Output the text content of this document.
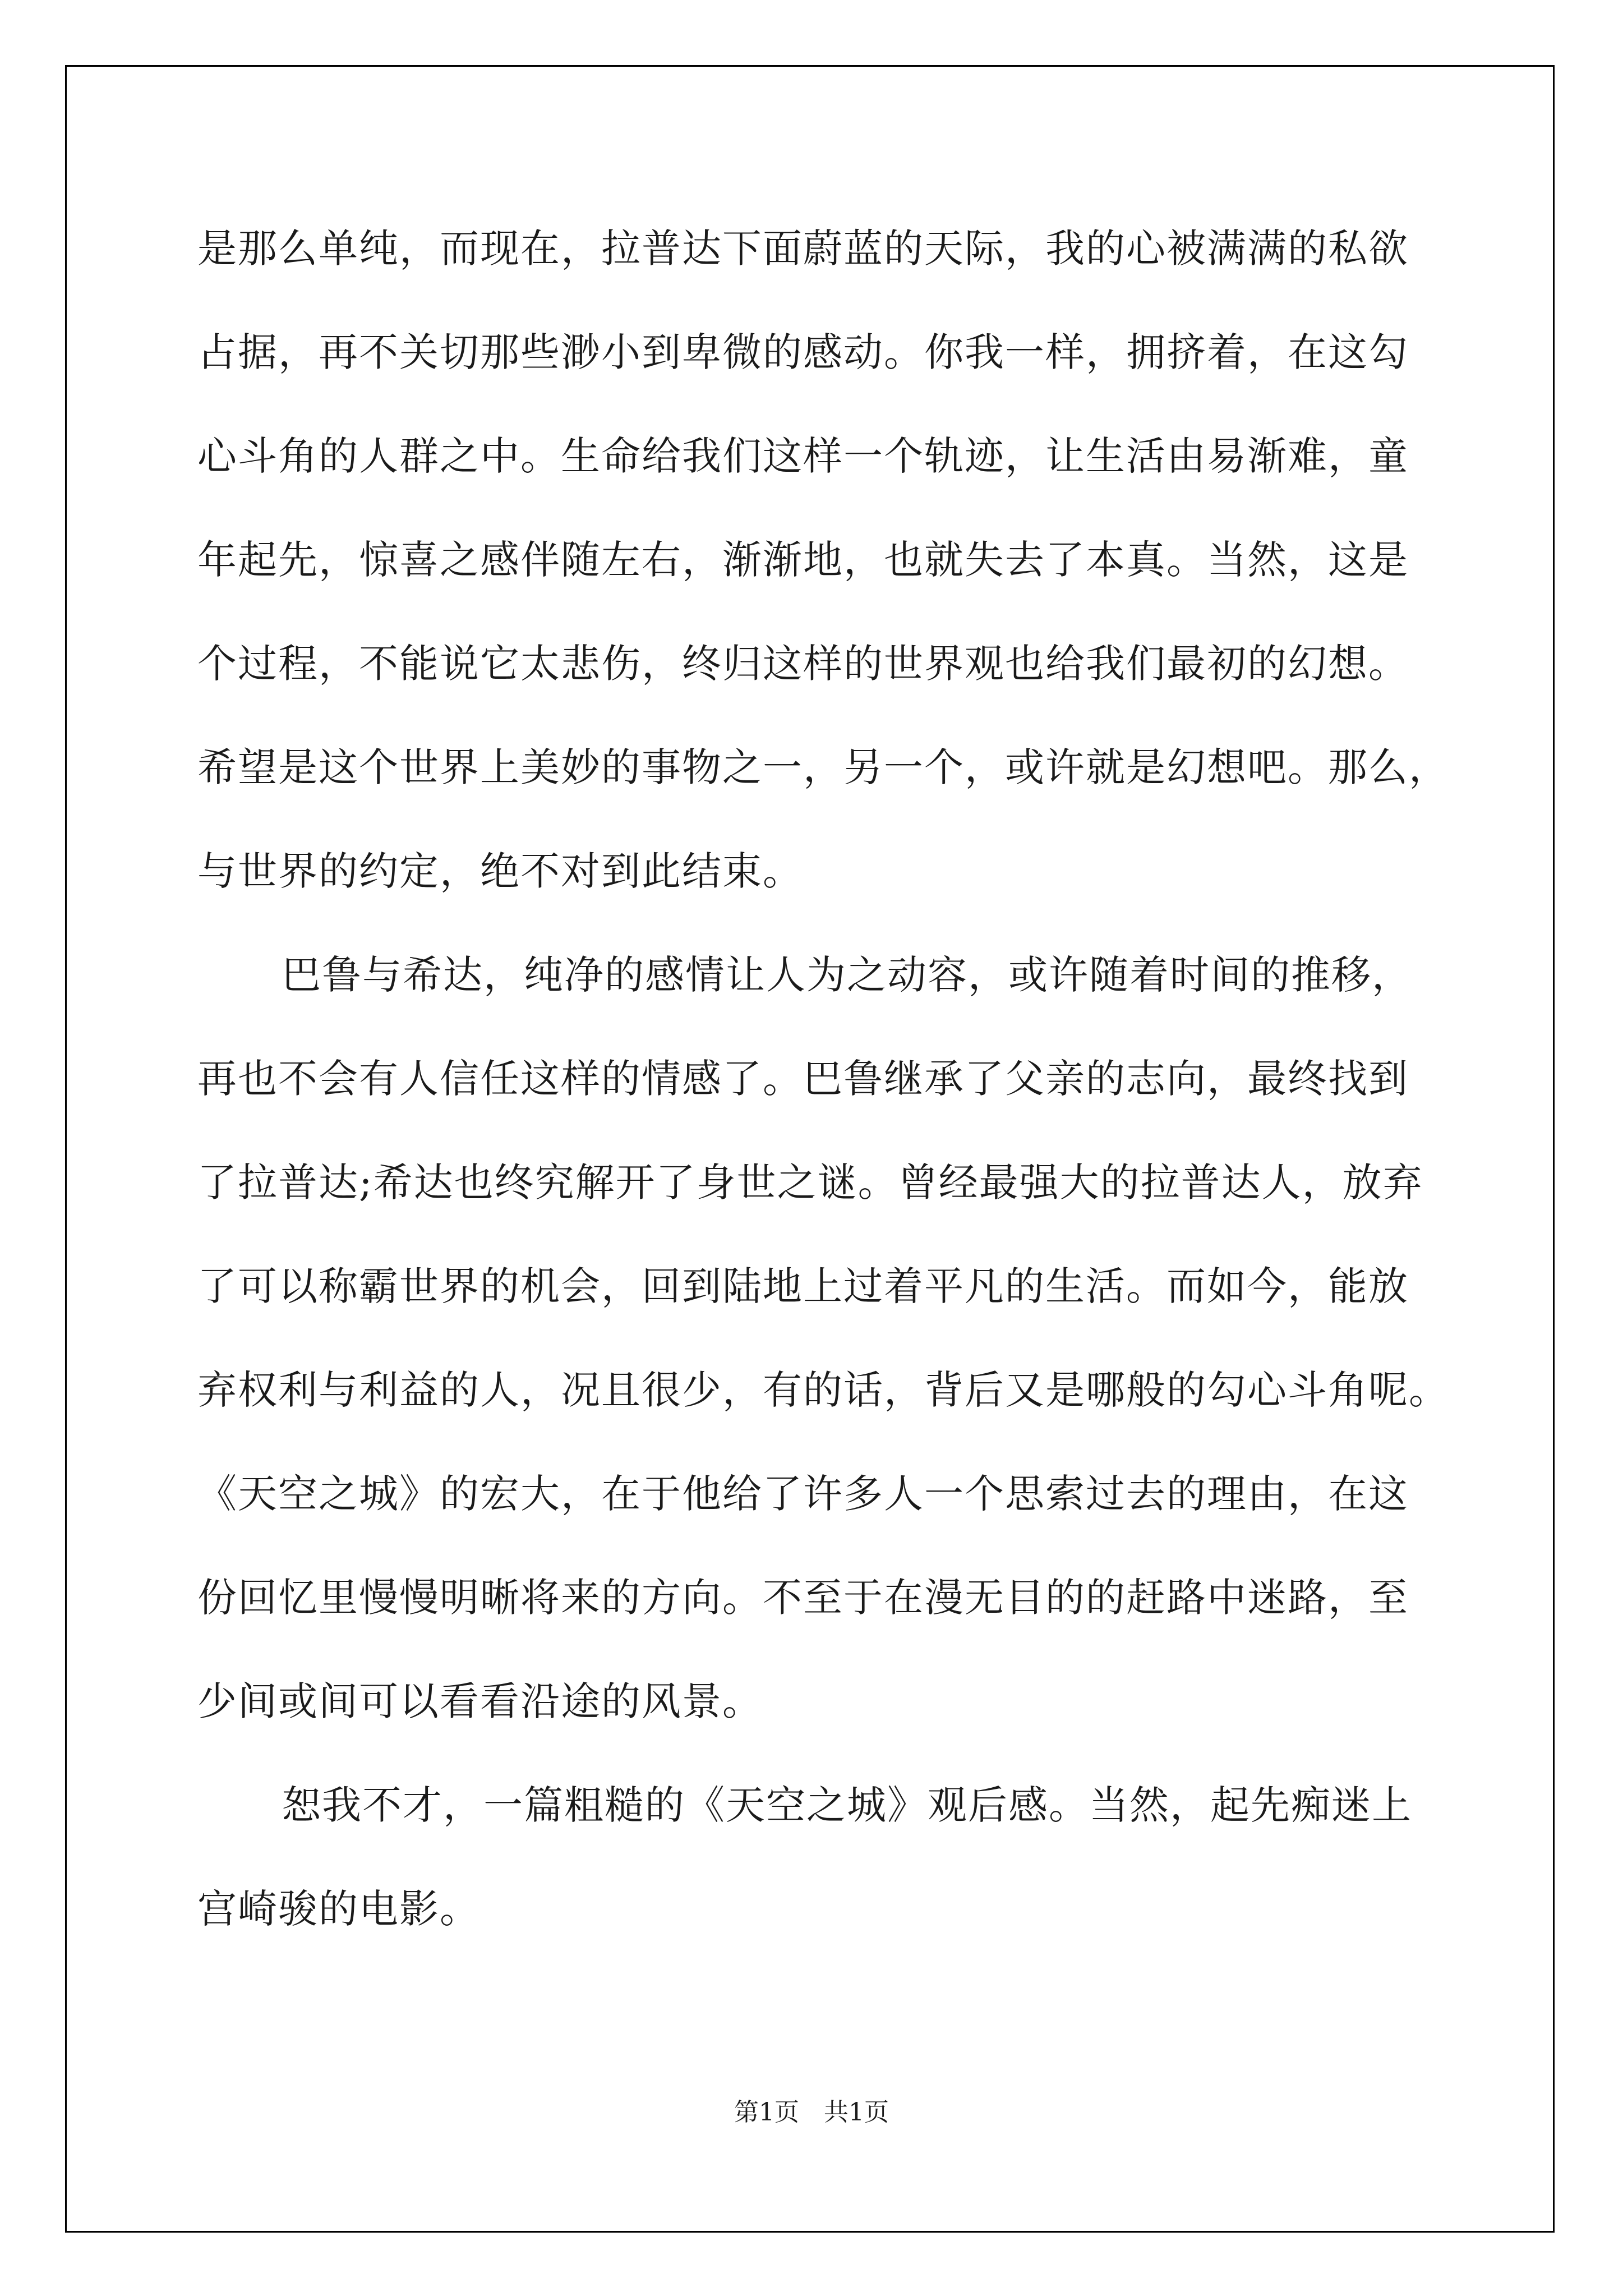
是那么单纯，而现在，拉普达下面蔚蓝的天际，我的心被满满的私欲
占据，再不关切那些渺小到卑微的感动。你我一样，拥挤着，在这勾
心斗角的人群之中。生命给我们这样一个轨迹，让生活由易渐难，童
年起先，惊喜之感伴随左右，渐渐地，也就失去了本真。当然，这是
个过程，不能说它太悲伤，终归这样的世界观也给我们最初的幻想。
希望是这个世界上美妙的事物之一，另一个，或许就是幻想吧。那么，
与世界的约定，绝不对到此结束。
巴鲁与希达，纯净的感情让人为之动容，或许随着时间的推移，
再也不会有人信任这样的情感了。巴鲁继承了父亲的志向，最终找到
了拉普达;希达也终究解开了身世之谜。曾经最强大的拉普达人，放弃
了可以称霸世界的机会，回到陆地上过着平凡的生活。而如今，能放
弃权利与利益的人，况且很少，有的话，背后又是哪般的勾心斗角呢。
《天空之城》的宏大，在于他给了许多人一个思索过去的理由，在这
份回忆里慢慢明晰将来的方向。不至于在漫无目的的赶路中迷路，至
少间或间可以看看沿途的风景。
恕我不才，一篇粗糙的《天空之城》观后感。当然，起先痴迷上
宫崎骏的电影。
第1页　共1页
